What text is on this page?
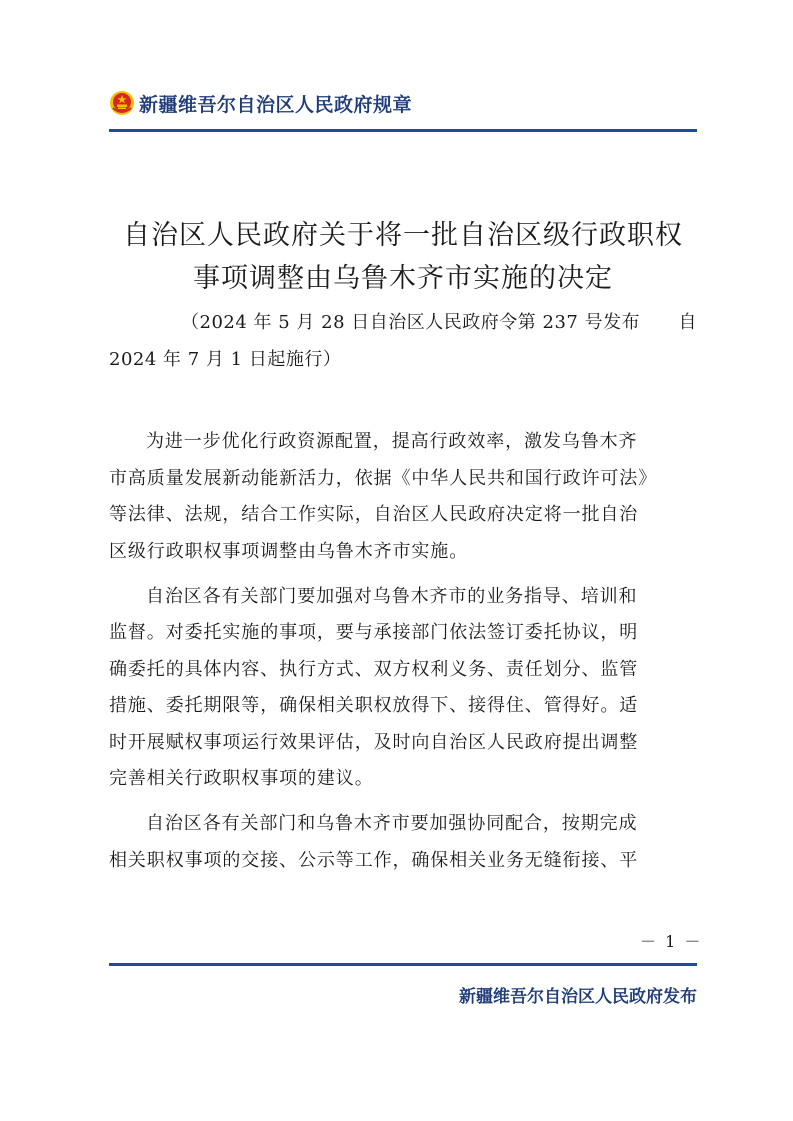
新疆维吾尔自治区人民政府规章
自治区人民政府关于将一批自治区级行政职权
事项调整由乌鲁木齐市实施的决定
（2024 年 5 月 28 日自治区人民政府令第 237 号发布	自
2024 年 7 月 1 日起施行）
为进一步优化行政资源配置，提高行政效率，激发乌鲁木齐
市高质量发展新动能新活力，依据《中华人民共和国行政许可法》
等法律、法规，结合工作实际，自治区人民政府决定将一批自治
区级行政职权事项调整由乌鲁木齐市实施。
自治区各有关部门要加强对乌鲁木齐市的业务指导、培训和
监督。对委托实施的事项，要与承接部门依法签订委托协议，明
确委托的具体内容、执行方式、双方权利义务、责任划分、监管
措施、委托期限等，确保相关职权放得下、接得住、管得好。适
时开展赋权事项运行效果评估，及时向自治区人民政府提出调整
完善相关行政职权事项的建议。
自治区各有关部门和乌鲁木齐市要加强协同配合，按期完成
相关职权事项的交接、公示等工作，确保相关业务无缝衔接、平
－ 1 －
新疆维吾尔自治区人民政府发布
